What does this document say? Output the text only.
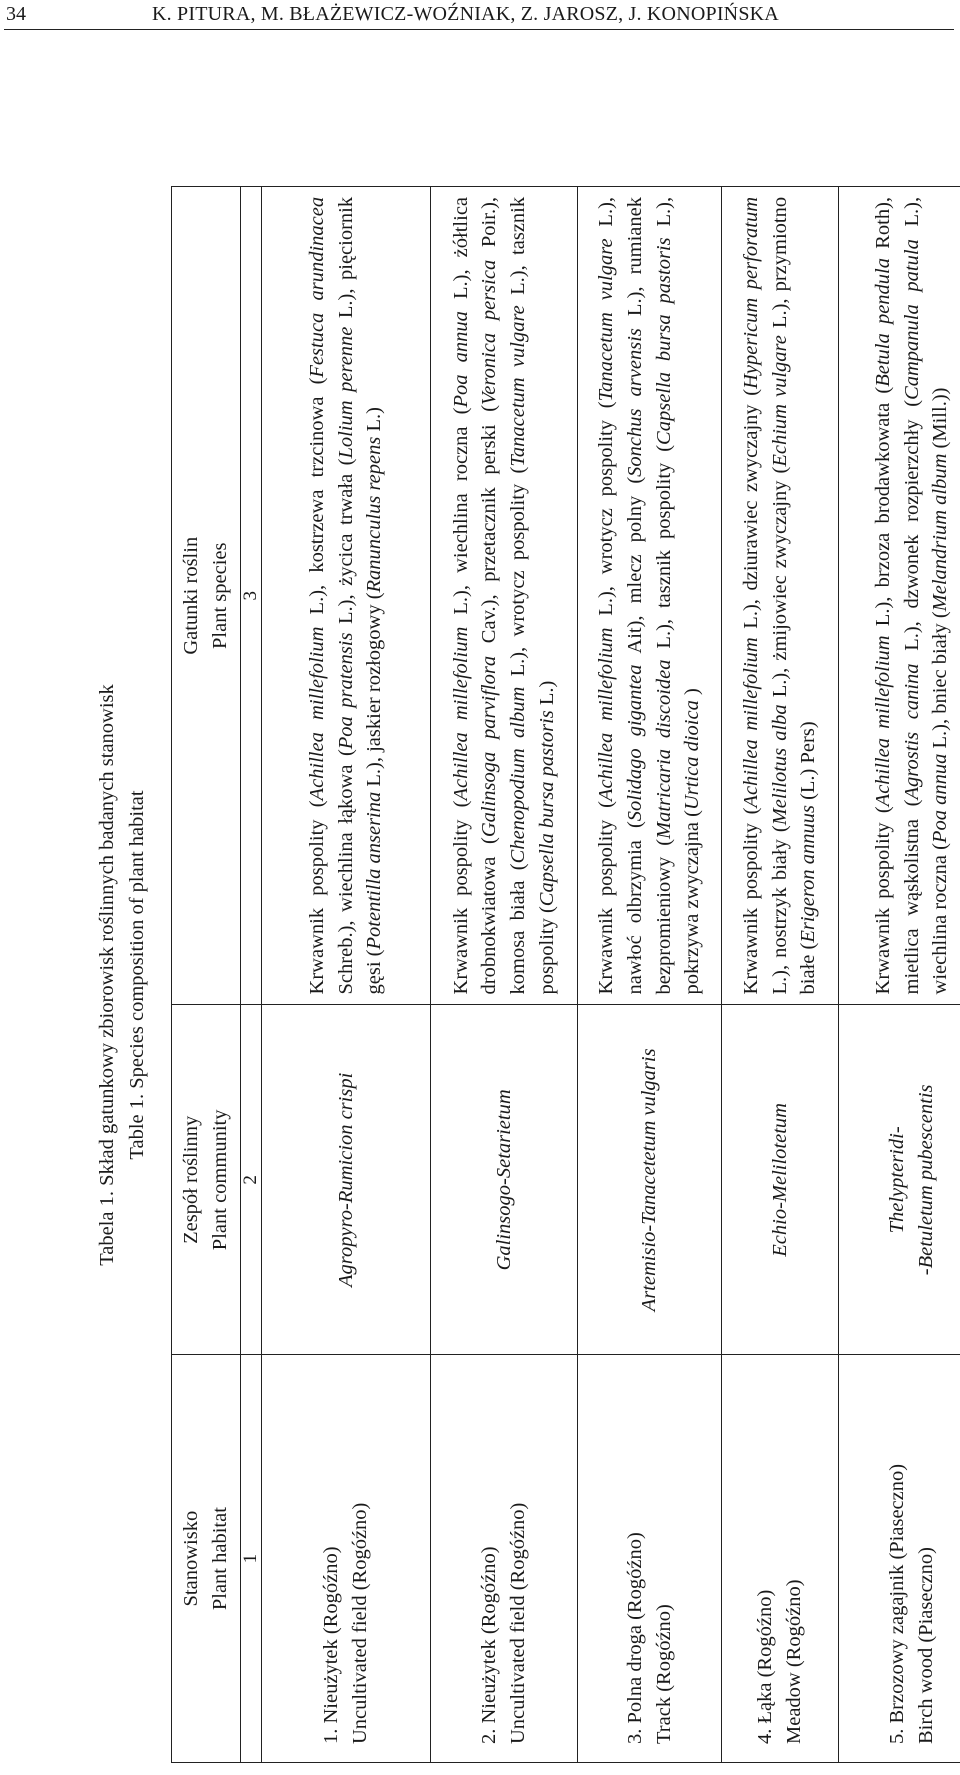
34	K. PITURA, M. BŁAŻEWICZ-WOŹNIAK, Z. JAROSZ, J. KONOPIŃSKA
Tabela 1. Skład gatunkowy zbiorowisk roślinnych badanych stanowisk Table 1. Species composition of plant habitat
Stanowisko Plant habitat	Zespół roślinny Plant community	Gatunki roślin Plant species

1	2	3

1. Nieużytek (Rogóźno) Uncultivated field (Rogóźno)	Agropyro-Rumicion crispi	Krwawnik pospolity (Achillea millefolium L.), kostrzewa trzcinowa (Festuca arundinacea Schreb.), wiechlina łąkowa (Poa pratensis L.), życica trwała (Lolium perenne L.), pięciornik gęsi (Potentilla anserina L.), jaskier rozłogowy (Ranunculus repens L.)

2. Nieużytek (Rogóźno) Uncultivated field (Rogóźno)	Galinsogo-Setarietum	Krwawnik pospolity (Achillea millefolium L.), wiechlina roczna (Poa annua L.), żółtlica drobnokwiatowa (Galinsoga parviflora Cav.), przetacznik perski (Veronica persica Poir.), komosa biała (Chenopodium album L.), wrotycz pospolity (Tanacetum vulgare L.), tasznik pospolity (Capsella bursa pastoris L.)

3. Polna droga (Rogóźno) Track (Rogóźno)	Artemisio-Tanacetetum vulgaris	Krwawnik pospolity (Achillea millefolium L.), wrotycz pospolity (Tanacetum vulgare L.), nawłoć olbrzymia (Solidago gigantea Ait), mlecz polny (Sonchus arvensis L.), rumianek bezpromieniowy (Matricaria discoidea L.), tasznik pospolity (Capsella bursa pastoris L.), pokrzywa zwyczajna (Urtica dioica )

4. Łąka (Rogóźno) Meadow (Rogóźno)	Echio-Melilotetum	Krwawnik pospolity (Achillea millefolium L.), dziurawiec zwyczajny (Hypericum perforatum L.), nostrzyk biały (Melilotus alba L.), żmijowiec zwyczajny (Echium vulgare L.), przymiotno białe (Erigeron annuus (L.) Pers)

5. Brzozowy zagajnik (Piaseczno) Birch wood (Piaseczno)	Thelypteridi- -Betuletum pubescentis	Krwawnik pospolity (Achillea millefolium L.), brzoza brodawkowata (Betula pendula Roth), mietlica wąskolistna (Agrostis canina L.), dzwonek rozpierzchły (Campanula patula L.), wiechlina roczna (Poa annua L.), bniec biały (Melandrium album (Mill.))
